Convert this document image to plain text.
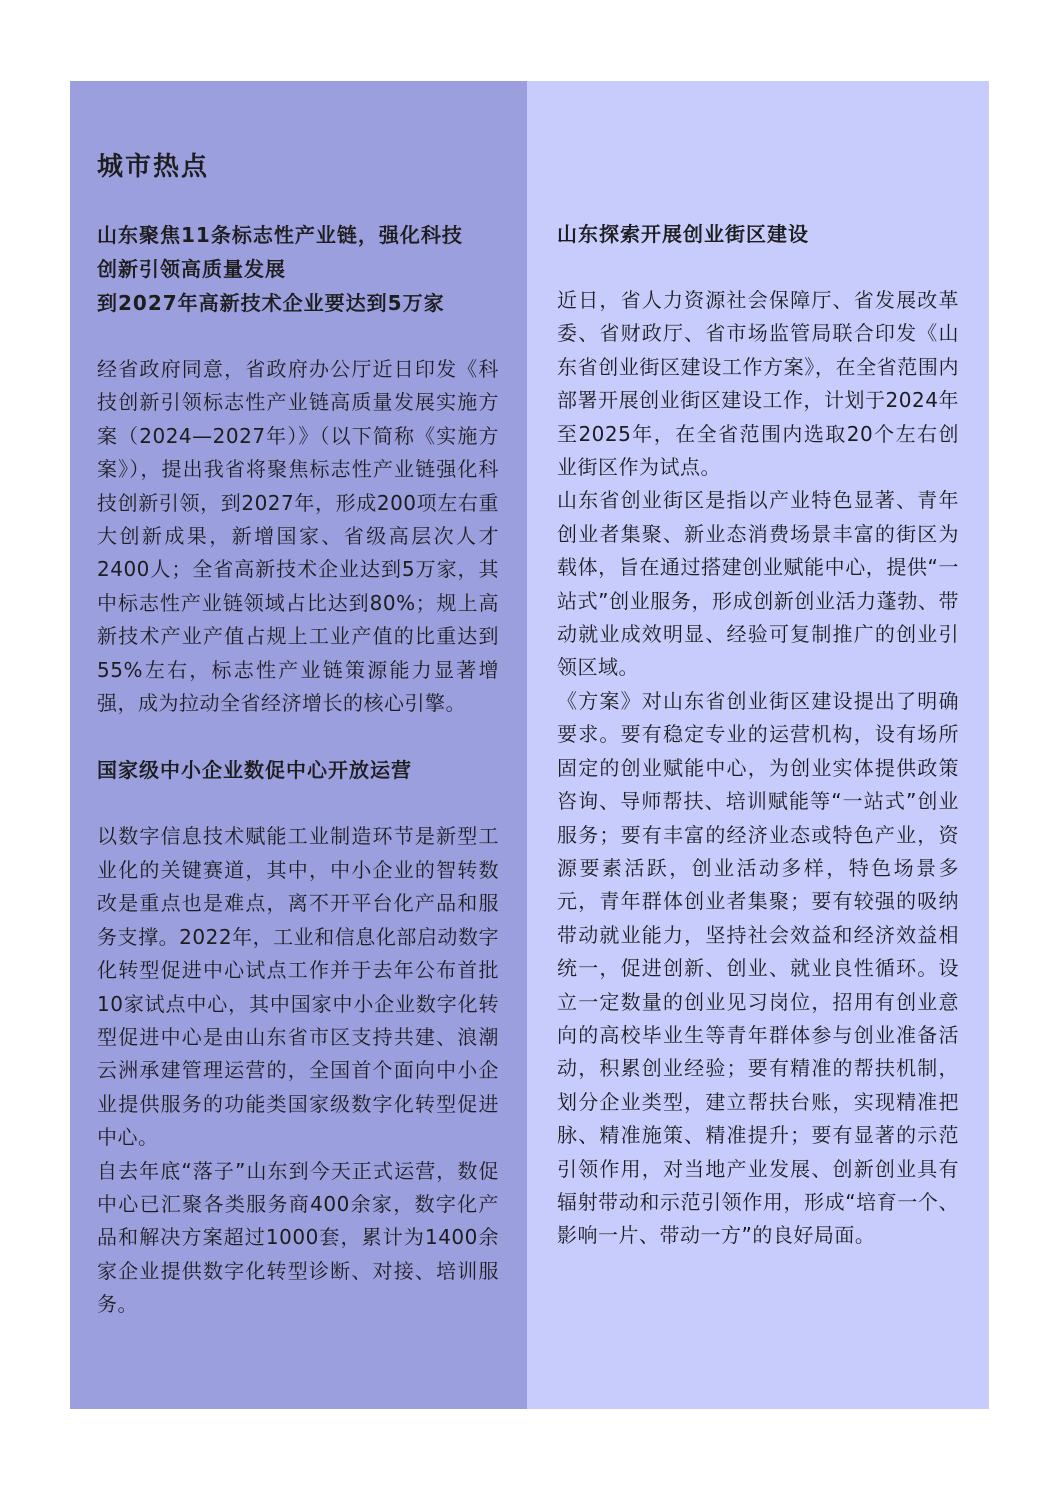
城市热点
山东聚焦11条标志性产业链，强化科技
创新引领高质量发展
到2027年高新技术企业要达到5万家

经省政府同意，省政府办公厅近日印发《科技创新引领标志性产业链高质量发展实施方案（2024—2027年）》（以下简称《实施方案》），提出我省将聚焦标志性产业链强化科技创新引领，到2027年，形成200项左右重大创新成果，新增国家、省级高层次人才2400人；全省高新技术企业达到5万家，其中标志性产业链领域占比达到80%；规上高新技术产业产值占规上工业产值的比重达到55%左右，标志性产业链策源能力显著增强，成为拉动全省经济增长的核心引擎。

国家级中小企业数促中心开放运营

以数字信息技术赋能工业制造环节是新型工业化的关键赛道，其中，中小企业的智转数改是重点也是难点，离不开平台化产品和服务支撑。2022年，工业和信息化部启动数字化转型促进中心试点工作并于去年公布首批10家试点中心，其中国家中小企业数字化转型促进中心是由山东省市区支持共建、浪潮云洲承建管理运营的，全国首个面向中小企业提供服务的功能类国家级数字化转型促进中心。

自去年底“落子”山东到今天正式运营，数促中心已汇聚各类服务商400余家，数字化产品和解决方案超过1000套，累计为1400余家企业提供数字化转型诊断、对接、培训服务。

山东探索开展创业街区建设

近日，省人力资源社会保障厅、省发展改革委、省财政厅、省市场监管局联合印发《山东省创业街区建设工作方案》，在全省范围内部署开展创业街区建设工作，计划于2024年至2025年，在全省范围内选取20个左右创业街区作为试点。

山东省创业街区是指以产业特色显著、青年创业者集聚、新业态消费场景丰富的街区为载体，旨在通过搭建创业赋能中心，提供“一站式”创业服务，形成创新创业活力蓬勃、带动就业成效明显、经验可复制推广的创业引领区域。

《方案》对山东省创业街区建设提出了明确要求。要有稳定专业的运营机构，设有场所固定的创业赋能中心，为创业实体提供政策咨询、导师帮扶、培训赋能等“一站式”创业服务；要有丰富的经济业态或特色产业，资源要素活跃，创业活动多样，特色场景多元，青年群体创业者集聚；要有较强的吸纳带动就业能力，坚持社会效益和经济效益相统一，促进创新、创业、就业良性循环。设立一定数量的创业见习岗位，招用有创业意向的高校毕业生等青年群体参与创业准备活动，积累创业经验；要有精准的帮扶机制，划分企业类型，建立帮扶台账，实现精准把脉、精准施策、精准提升；要有显著的示范引领作用，对当地产业发展、创新创业具有辐射带动和示范引领作用，形成“培育一个、影响一片、带动一方”的良好局面。
